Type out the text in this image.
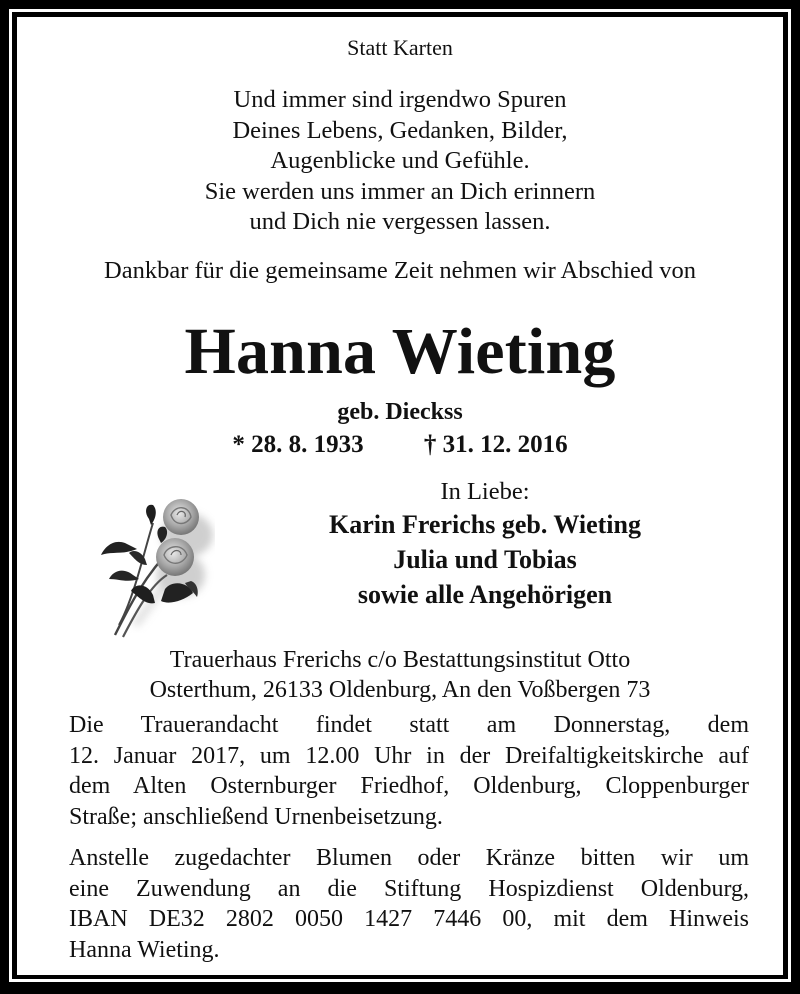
Statt Karten
Und immer sind irgendwo Spuren
Deines Lebens, Gedanken, Bilder,
Augenblicke und Gefühle.
Sie werden uns immer an Dich erinnern
und Dich nie vergessen lassen.
Dankbar für die gemeinsame Zeit nehmen wir Abschied von
Hanna Wieting
geb. Dieckss
* 28. 8. 1933 † 31. 12. 2016
In Liebe:
Karin Frerichs geb. Wieting
Julia und Tobias
sowie alle Angehörigen
Trauerhaus Frerichs c/o Bestattungsinstitut Otto
Osterthum, 26133 Oldenburg, An den Voßbergen 73
Die Trauerandacht findet statt am Donnerstag, dem
12. Januar 2017, um 12.00 Uhr in der Dreifaltigkeitskirche auf
dem Alten Osternburger Friedhof, Oldenburg, Cloppenburger
Straße; anschließend Urnenbeisetzung.
Anstelle zugedachter Blumen oder Kränze bitten wir um
eine Zuwendung an die Stiftung Hospizdienst Oldenburg,
IBAN DE32 2802 0050 1427 7446 00, mit dem Hinweis
Hanna Wieting.
